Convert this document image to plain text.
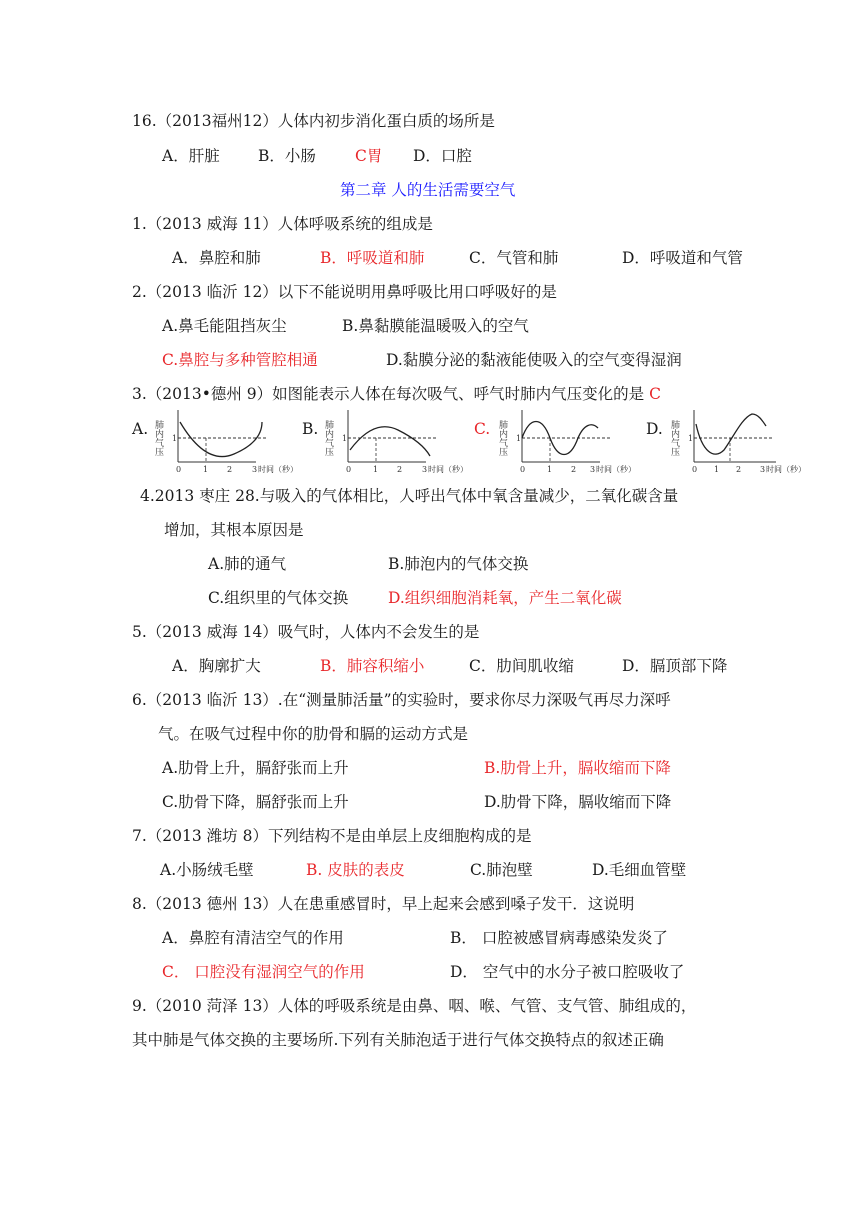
16.（2013福州12）人体内初步消化蛋白质的场所是
A．肝脏 B．小肠	C胃 D．口腔
第二章 人的生活需要空气
1.（2013 威海 11）人体呼吸系统的组成是
A．鼻腔和肺	B．呼吸道和肺	C．气管和肺	D．呼吸道和气管
2.（2013 临沂 12）以下不能说明用鼻呼吸比用口呼吸好的是
A.鼻毛能阻挡灰尘	B.鼻黏膜能温暖吸入的空气
C.鼻腔与多种管腔相通	D.黏膜分泌的黏液能使吸入的空气变得湿润
3.（2013•德州 9）如图能表示人体在每次吸气、呼气时肺内气压变化的是 C
A.	B.	C.	D.
肺内气压 1
0	1 2 3 时间（秒）
肺内气压 1
0	1 2 3 时间（秒）
肺内气压 1
0	1 2 3 时间（秒）
肺内气压 1
0 1 2 3 时间（秒）
4.2013 枣庄 28.与吸入的气体相比，人呼出气体中氧含量减少，二氧化碳含量
增加，其根本原因是
A.肺的通气	B.肺泡内的气体交换
C.组织里的气体交换	D.组织细胞消耗氧，产生二氧化碳
5.（2013 威海 14）吸气时，人体内不会发生的是
A．胸廓扩大	B．肺容积缩小	C．肋间肌收缩	D．膈顶部下降
6.（2013 临沂 13）.在“测量肺活量”的实验时，要求你尽力深吸气再尽力深呼
气。在吸气过程中你的肋骨和膈的运动方式是
A.肋骨上升，膈舒张而上升	B.肋骨上升，膈收缩而下降
C.肋骨下降，膈舒张而上升	D.肋骨下降，膈收缩而下降
7.（2013 潍坊 8）下列结构不是由单层上皮细胞构成的是
A.小肠绒毛壁	B. 皮肤的表皮	C.肺泡壁	D.毛细血管壁
8.（2013 德州 13）人在患重感冒时，早上起来会感到嗓子发干．这说明
A．鼻腔有清洁空气的作用	B． 口腔被感冒病毒感染发炎了
C． 口腔没有湿润空气的作用	D． 空气中的水分子被口腔吸收了
9.（2010 菏泽 13）人体的呼吸系统是由鼻、咽、喉、气管、支气管、肺组成的，
其中肺是气体交换的主要场所.下列有关肺泡适于进行气体交换特点的叙述正确
